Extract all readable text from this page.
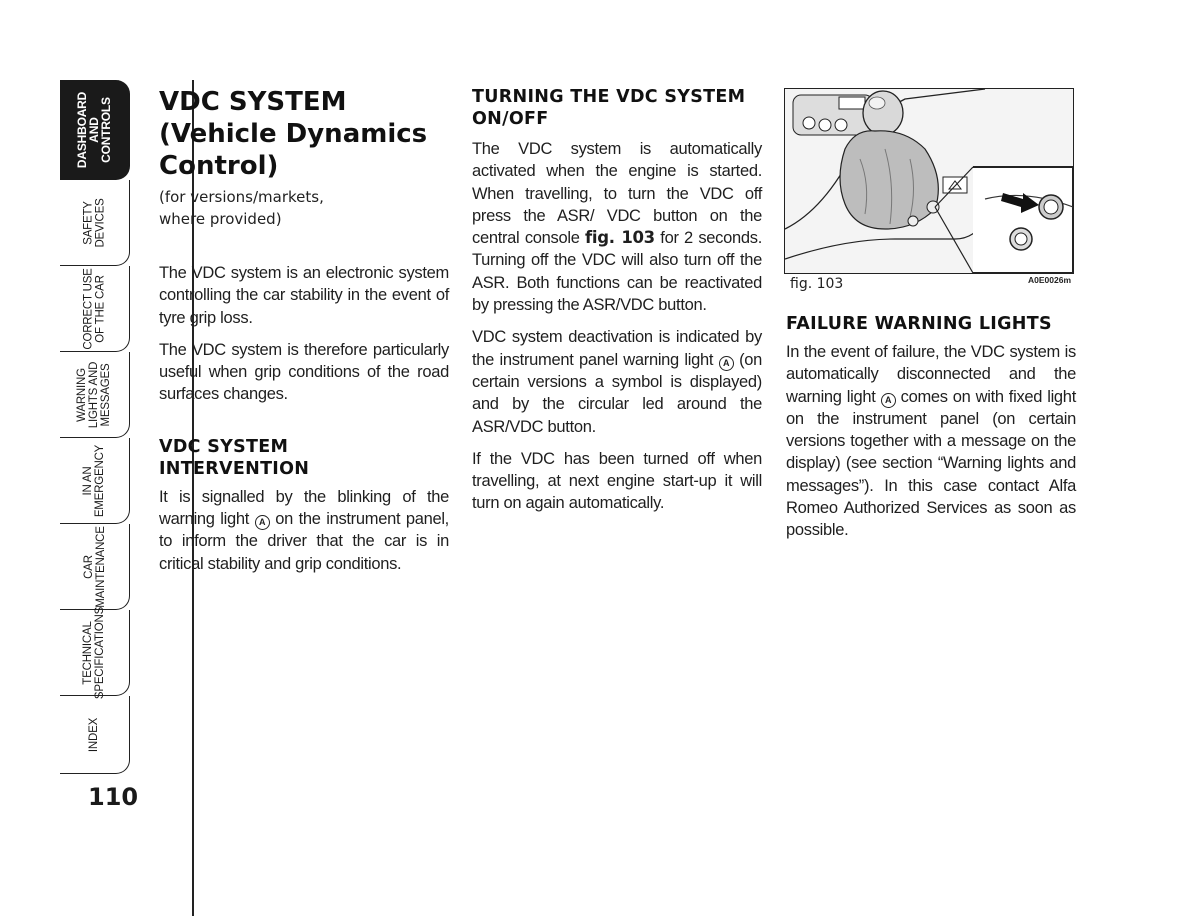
DASHBOARD
AND
CONTROLS
SAFETY
DEVICES
CORRECT USE
OF THE CAR
WARNING
LIGHTS AND
MESSAGES
IN AN
EMERGENCY
CAR
MAINTENANCE
TECHNICAL
SPECIFICATIONS
INDEX
110
VDC SYSTEM
(Vehicle Dynamics
Control)

(for versions/markets,
where provided)

The VDC system is an electronic system controlling the car stability in the event of tyre grip loss.

The VDC system is therefore particularly useful when grip conditions of the road surfaces changes.

VDC SYSTEM
INTERVENTION

It is signalled by the blinking of the warning light A on the instrument panel, to inform the driver that the car is in critical stability and grip conditions.

TURNING THE VDC SYSTEM
ON/OFF

The VDC system is automatically activated when the engine is started. When travelling, to turn the VDC off press the ASR/ VDC button on the central console fig. 103 for 2 seconds. Turning off the VDC will also turn off the ASR. Both functions can be reactivated by pressing the ASR/VDC button.

VDC system deactivation is indicated by the instrument panel warning light A (on certain versions a symbol is displayed) and by the circular led around the ASR/VDC button.

If the VDC has been turned off when travelling, at next engine start-up it will turn on again automatically.

fig. 103	A0E0026m
FAILURE WARNING LIGHTS

In the event of failure, the VDC system is automatically disconnected and the warning light A comes on with fixed light on the instrument panel (on certain versions together with a message on the display) (see section “Warning lights and messages”). In this case contact Alfa Romeo Authorized Services as soon as possible.
